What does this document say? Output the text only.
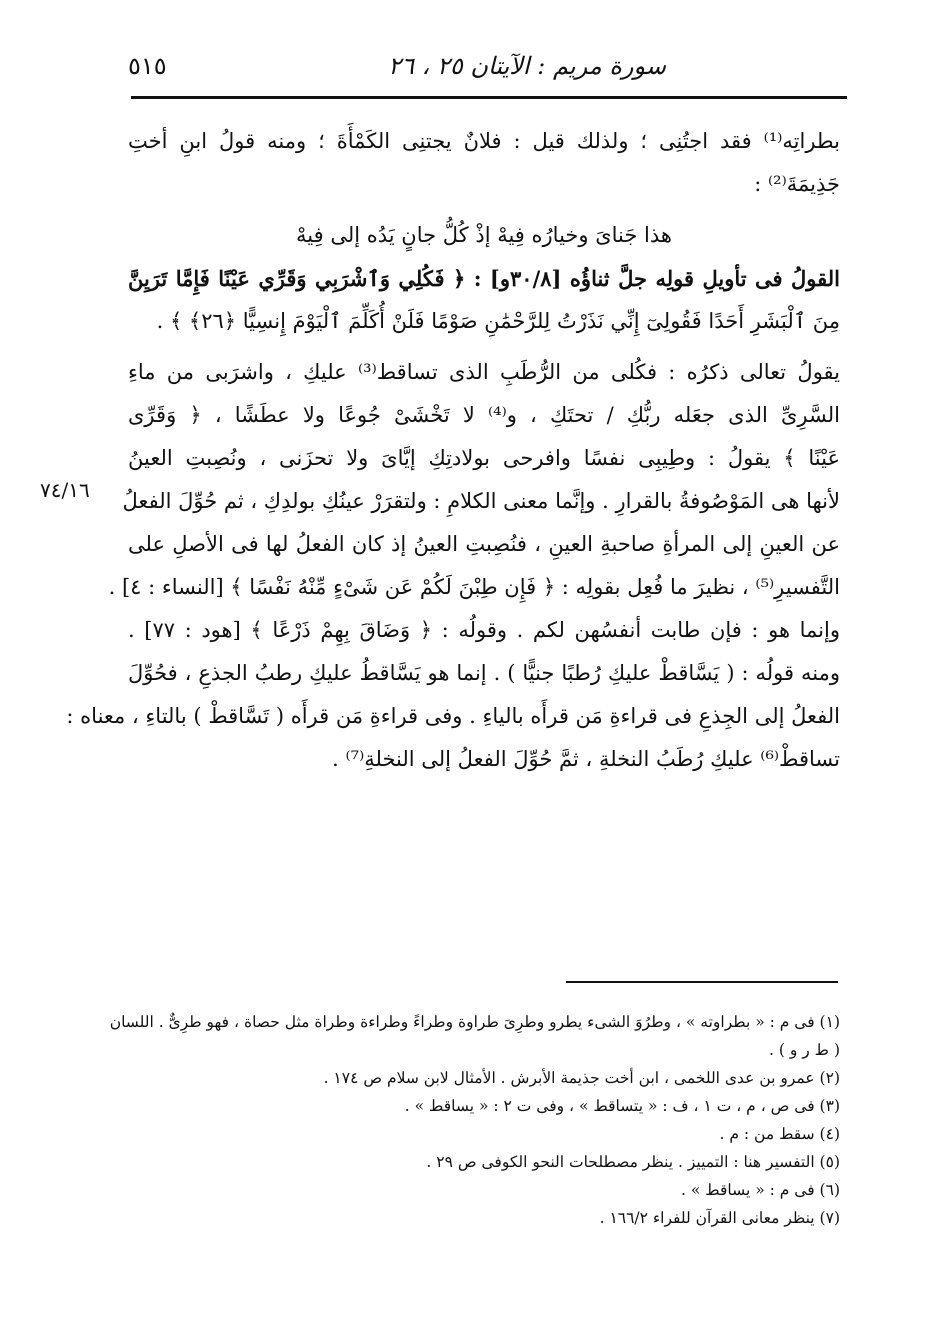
سورة مريم : الآيتان ٢٥ ، ٢٦
٥١٥
٧٤/١٦
بطراتِه⁽¹⁾ فقد اجتُنِى ؛ ولذلك قيل : فلانٌ يجتنِى الكَمْأَةَ ؛ ومنه قولُ ابنِ أختِ
جَذِيمَةَ⁽²⁾ :
هذا جَناىَ وخيارُه فِيهْ إذْ كُلُّ جانٍ يَدُه إلى فِيهْ
القولُ فى تأويلِ قولِه جلَّ ثناؤُه [٣٠/٨و] : ﴿ فَكُلِي وَٱشْرَبِي وَقَرِّي عَيْنًا فَإِمَّا تَرَيِنَّ
مِنَ ٱلْبَشَرِ أَحَدًا فَقُولِىٓ إِنِّي نَذَرْتُ لِلرَّحْمَٰنِ صَوْمًا فَلَنْ أُكَلِّمَ ٱلْيَوْمَ إِنسِيًّا ﴿٢٦﴾ ﴾ .
يقولُ تعالى ذكرُه : فكُلى من الرُّطَبِ الذى تساقط⁽³⁾ عليكِ ، واشرَبى من ماءِ
السَّرِىِّ الذى جعَله ربُّكِ / تحتَكِ ، و⁽⁴⁾ لا تَخْشَىْ جُوعًا ولا عطَشًا ، ﴿ وَقَرِّى
عَيْنًا ﴾ يقولُ : وطِيبِى نفسًا وافرحى بولادتِكِ إيَّاىَ ولا تحزَنى ، ونُصِبتِ العينُ
لأنها هى المَوْصُوفةُ بالقرارِ . وإنَّما معنى الكلامِ : ولتقرَرْ عينُكِ بولدِكِ ، ثم حُوِّلَ الفعلُ
عن العينِ إلى المرأةِ صاحبةِ العينِ ، فنُصِبتِ العينُ إذ كان الفعلُ لها فى الأصلِ على
التَّفسيرِ⁽⁵⁾ ، نظيرَ ما فُعِل بقولِه : ﴿ فَإِن طِبْنَ لَكُمْ عَن شَىْءٍ مِّنْهُ نَفْسًا ﴾ [النساء : ٤] .
وإنما هو : فإن طابت أنفسُهن لكم . وقولُه : ﴿ وَضَاقَ بِهِمْ ذَرْعًا ﴾ [هود : ٧٧] .
ومنه قولُه : ( يَسَّاقطْ عليكِ رُطبًا جنيًّا ) . إنما هو يَسَّاقطُ عليكِ رطبُ الجذعِ ، فحُوِّلَ
الفعلُ إلى الجِذعِ فى قراءةِ مَن قرأَه بالياءِ . وفى قراءةِ مَن قرأَه ( تَسَّاقطْ ) بالتاءِ ، معناه :
تساقطْ⁽⁶⁾ عليكِ رُطَبُ النخلةِ ، ثمَّ حُوِّلَ الفعلُ إلى النخلةِ⁽⁷⁾ .
(١) فى م : « بطراوته » ، وطرُوَ الشىء يطرو وطرِىَ طراوة وطراءً وطراءة وطراة مثل حصاة ، فهو طرِىٌّ . اللسان
( ط ر و ) .
(٢) عمرو بن عدى اللخمى ، ابن أخت جذيمة الأبرش . الأمثال لابن سلام ص ١٧٤ .
(٣) فى ص ، م ، ت ١ ، ف : « يتساقط » ، وفى ت ٢ : « يساقط » .
(٤) سقط من : م .
(٥) التفسير هنا : التمييز . ينظر مصطلحات النحو الكوفى ص ٢٩ .
(٦) فى م : « يساقط » .
(٧) ينظر معانى القرآن للفراء ١٦٦/٢ .
